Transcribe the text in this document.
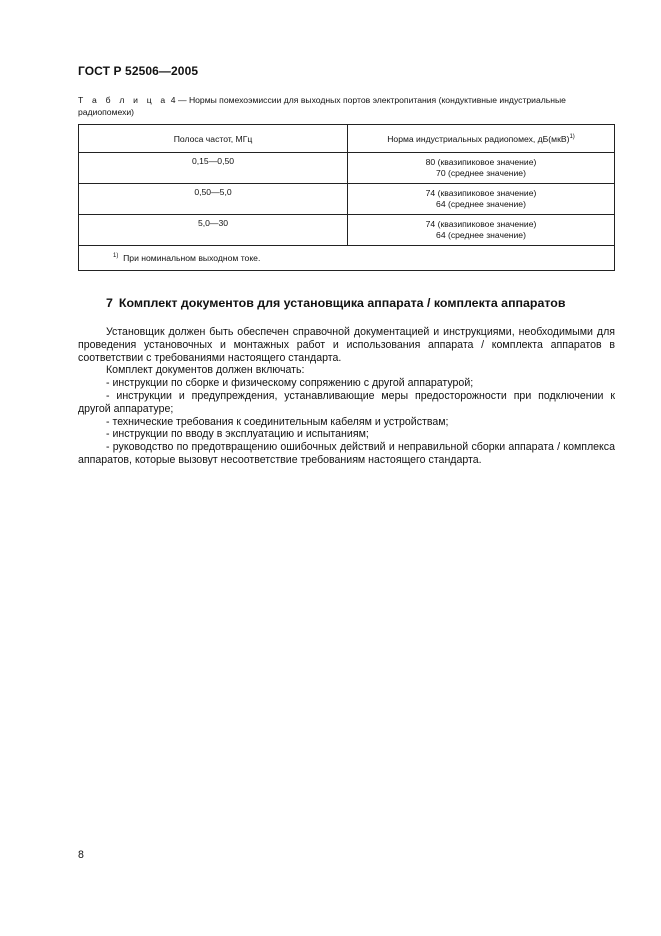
ГОСТ Р 52506—2005
Т а б л и ц а 4 — Нормы помехоэмиссии для выходных портов электропитания (кондуктивные индустриальные радиопомехи)
Полоса частот, МГц	Норма индустриальных радиопомех, дБ(мкВ)$^{1)}$

0,15—0,50	80 (квазипиковое значение)
70 (среднее значение)

0,50—5,0	74 (квазипиковое значение)
64 (среднее значение)

5,0—30	74 (квазипиковое значение)
64 (среднее значение)

$^{1)}$ При номинальном выходном токе.	
7 Комплект документов для установщика аппарата / комплекта аппаратов

Установщик должен быть обеспечен справочной документацией и инструкциями, необходимыми для проведения установочных и монтажных работ и использования аппарата / комплекта аппаратов в соответствии с требованиями настоящего стандарта.

Комплект документов должен включать:

- инструкции по сборке и физическому сопряжению с другой аппаратурой;

- инструкции и предупреждения, устанавливающие меры предосторожности при подключении к другой аппаратуре;

- технические требования к соединительным кабелям и устройствам;

- инструкции по вводу в эксплуатацию и испытаниям;

- руководство по предотвращению ошибочных действий и неправильной сборки аппарата / комплекса аппаратов, которые вызовут несоответствие требованиям настоящего стандарта.

8
